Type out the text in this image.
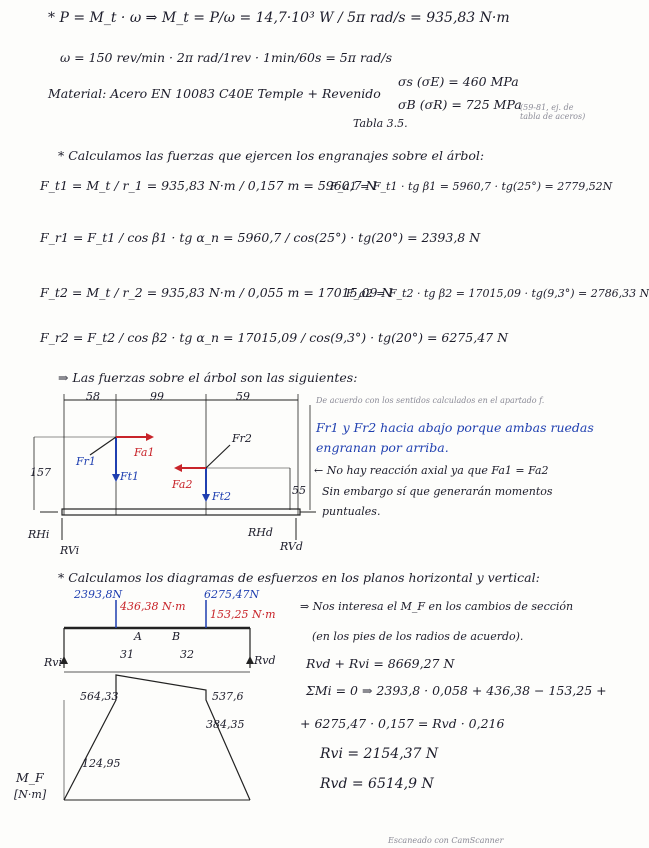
* P = M_t · ω ⇒ M_t = P/ω = 14,7·10³ W / 5π rad/s = 935,83 N·m
ω = 150 rev/min · 2π rad/1rev · 1min/60s = 5π rad/s
Material: Acero EN 10083 C40E Temple + Revenido
Tabla 3.5.
σs (σE) = 460 MPa
σB (σR) = 725 MPa
(59-81, ej. de tabla de aceros)
* Calculamos las fuerzas que ejercen los engranajes sobre el árbol:
F_t1 = M_t / r_1 = 935,83 N·m / 0,157 m = 5960,7 N
F_a1 = F_t1 · tg β1 = 5960,7 · tg(25°) = 2779,52N
F_r1 = F_t1 / cos β1 · tg α_n = 5960,7 / cos(25°) · tg(20°) = 2393,8 N
F_t2 = M_t / r_2 = 935,83 N·m / 0,055 m = 17015,09 N
F_a2 = F_t2 · tg β2 = 17015,09 · tg(9,3°) = 2786,33 N
F_r2 = F_t2 / cos β2 · tg α_n = 17015,09 / cos(9,3°) · tg(20°) = 6275,47 N
⇒ Las fuerzas sobre el árbol son las siguientes:
58	99	59
157
55
Fr1
Ft1
Fa1
Fr2
Ft2
Fa2
RHi
RVi
RHd
RVd
De acuerdo con los sentidos calculados en el apartado f.
Fr1 y Fr2 hacia abajo porque ambas ruedas
engranan por arriba.
← No hay reacción axial ya que Fa1 = Fa2
Sin embargo sí que generarán momentos
puntuales.
* Calculamos los diagramas de esfuerzos en los planos horizontal y vertical:
2393,8N
436,38 N·m
6275,47N
153,25 N·m
A	B
31	32
Rvi	Rvd
⇒ Nos interesa el M_F en los cambios de sección
(en los pies de los radios de acuerdo).
Rvd + Rvi = 8669,27 N
ΣMi = 0 ⇒ 2393,8 · 0,058 + 436,38 − 153,25 +
+ 6275,47 · 0,157 = Rvd · 0,216
Rvi = 2154,37 N
Rvd = 6514,9 N
564,33	537,6
124,95
384,35
M_F
[N·m]
Escaneado con CamScanner
